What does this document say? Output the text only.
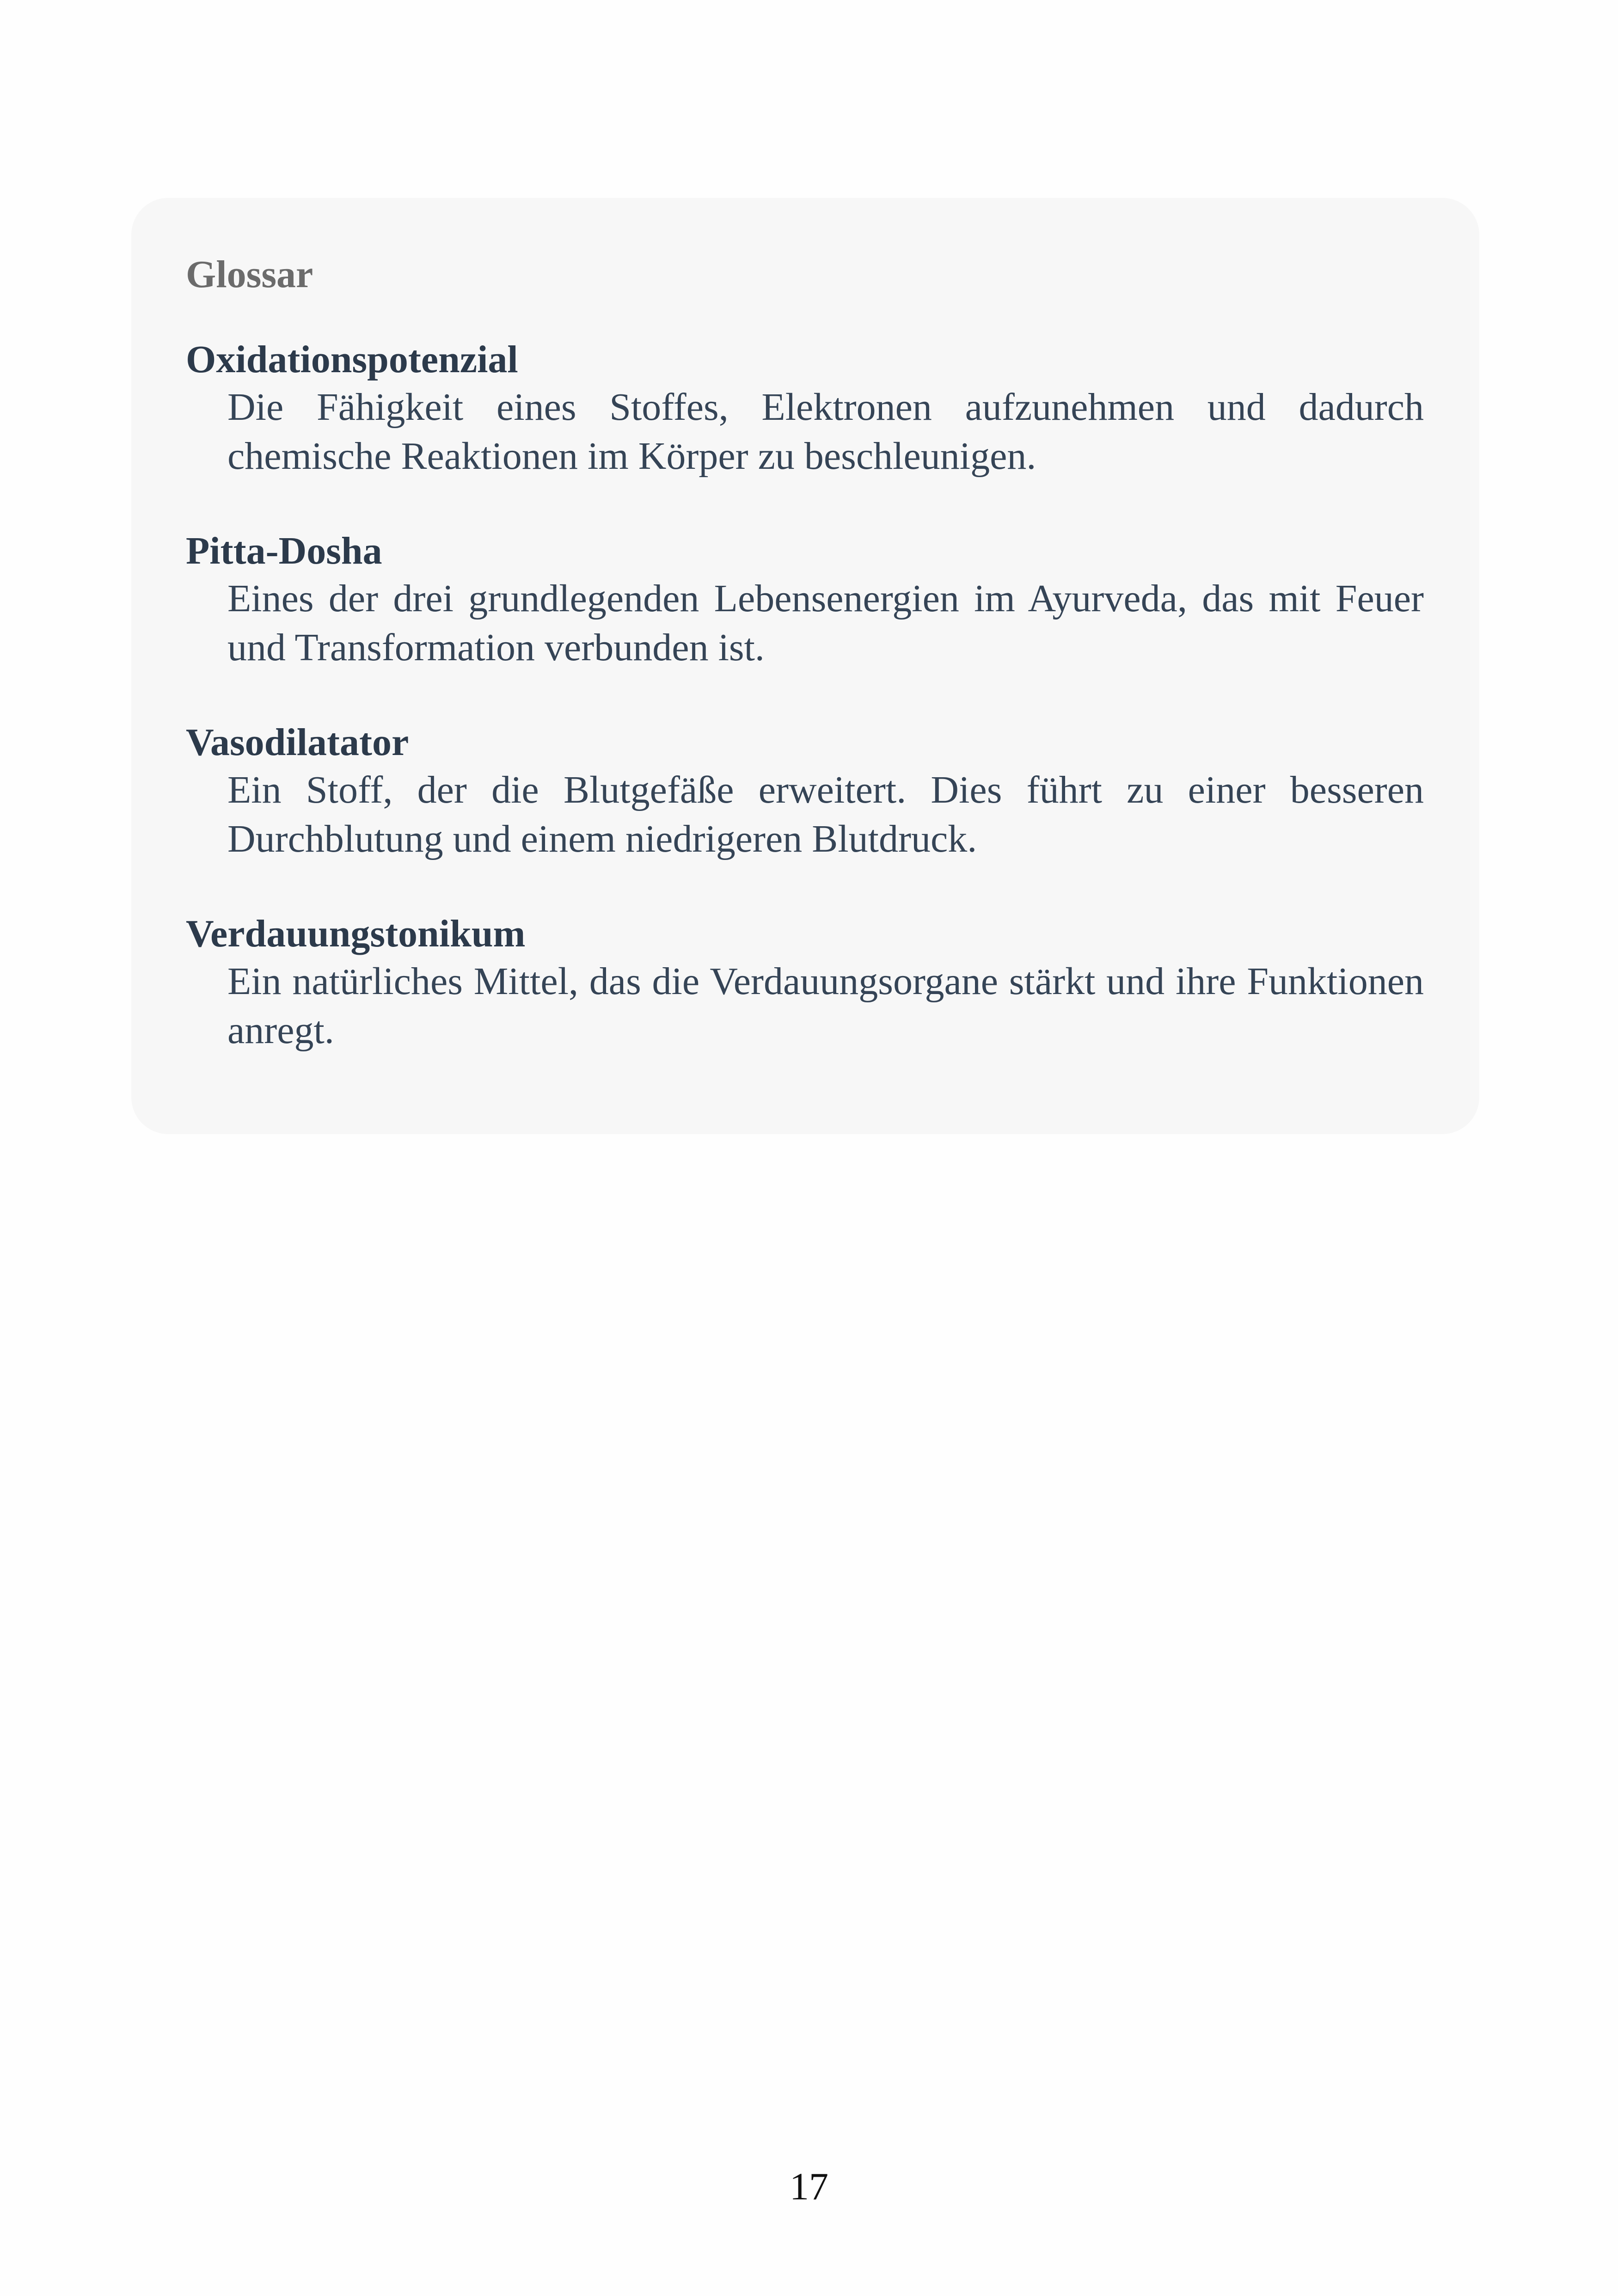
Glossar
Oxidationspotenzial
Die Fähigkeit eines Stoffes, Elektronen aufzunehmen und dadurch chemische Reaktionen im Körper zu beschleunigen.
Pitta-Dosha
Eines der drei grundlegenden Lebensenergien im Ayurveda, das mit Feuer und Transformation verbunden ist.
Vasodilatator
Ein Stoff, der die Blutgefäße erweitert. Dies führt zu einer besseren Durchblutung und einem niedrigeren Blutdruck.
Verdauungstonikum
Ein natürliches Mittel, das die Verdauungsorgane stärkt und ihre Funktionen anregt.
17
